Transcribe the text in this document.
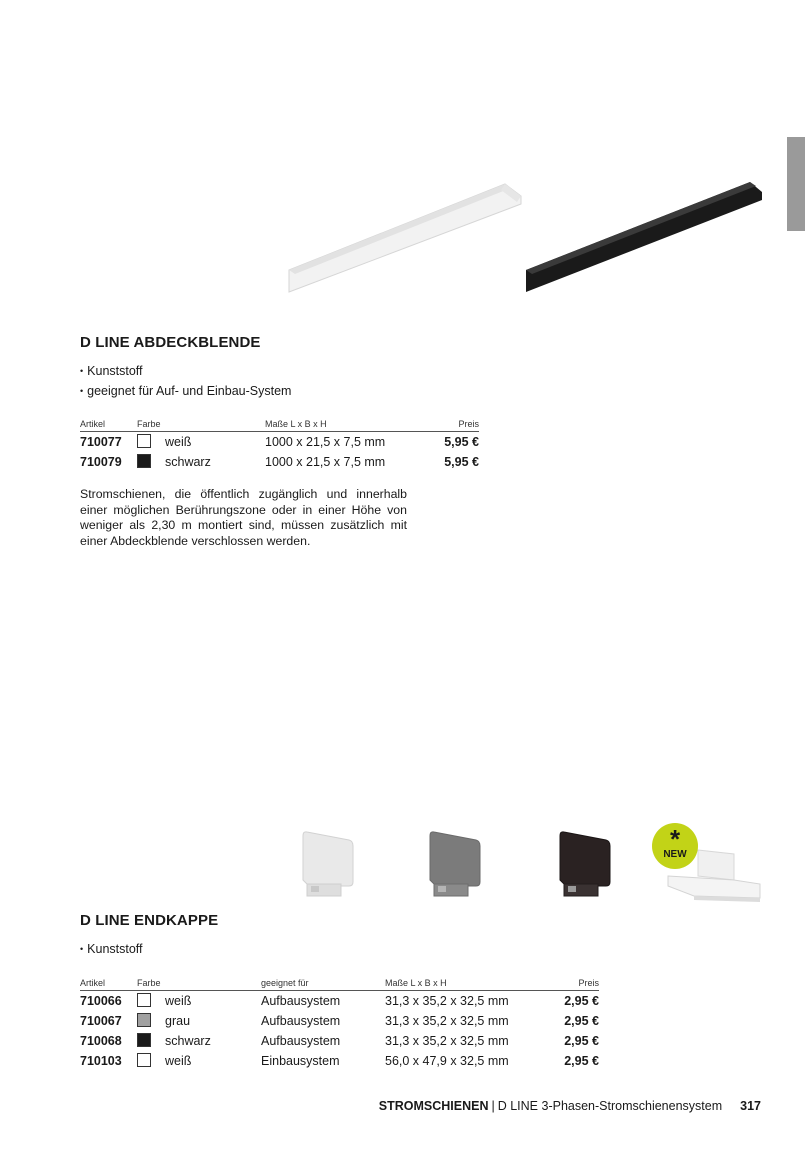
D LINE ABDECKBLENDE
• Kunststoff
• geeignet für Auf- und Einbau-System
Artikel	Farbe	Maße L x B x H	Preis
710077	weiß	1000 x 21,5 x 7,5 mm	5,95 €
710079	schwarz	1000 x 21,5 x 7,5 mm	5,95 €

Stromschienen, die öffentlich zugänglich und innerhalb einer möglichen Berührungszone oder in einer Höhe von weniger als 2,30 m montiert sind, müssen zusätzlich mit einer Abdeckblende verschlossen werden.

*
NEW
D LINE ENDKAPPE
• Kunststoff
Artikel	Farbe	geeignet für	Maße L x B x H	Preis
710066	weiß	Aufbausystem	31,3 x 35,2 x 32,5 mm	2,95 €
710067	grau	Aufbausystem	31,3 x 35,2 x 32,5 mm	2,95 €
710068	schwarz	Aufbausystem	31,3 x 35,2 x 32,5 mm	2,95 €
710103	weiß	Einbausystem	56,0 x 47,9 x 32,5 mm	2,95 €
STROMSCHIENEN | D LINE 3-Phasen-Stromschienensystem 317
